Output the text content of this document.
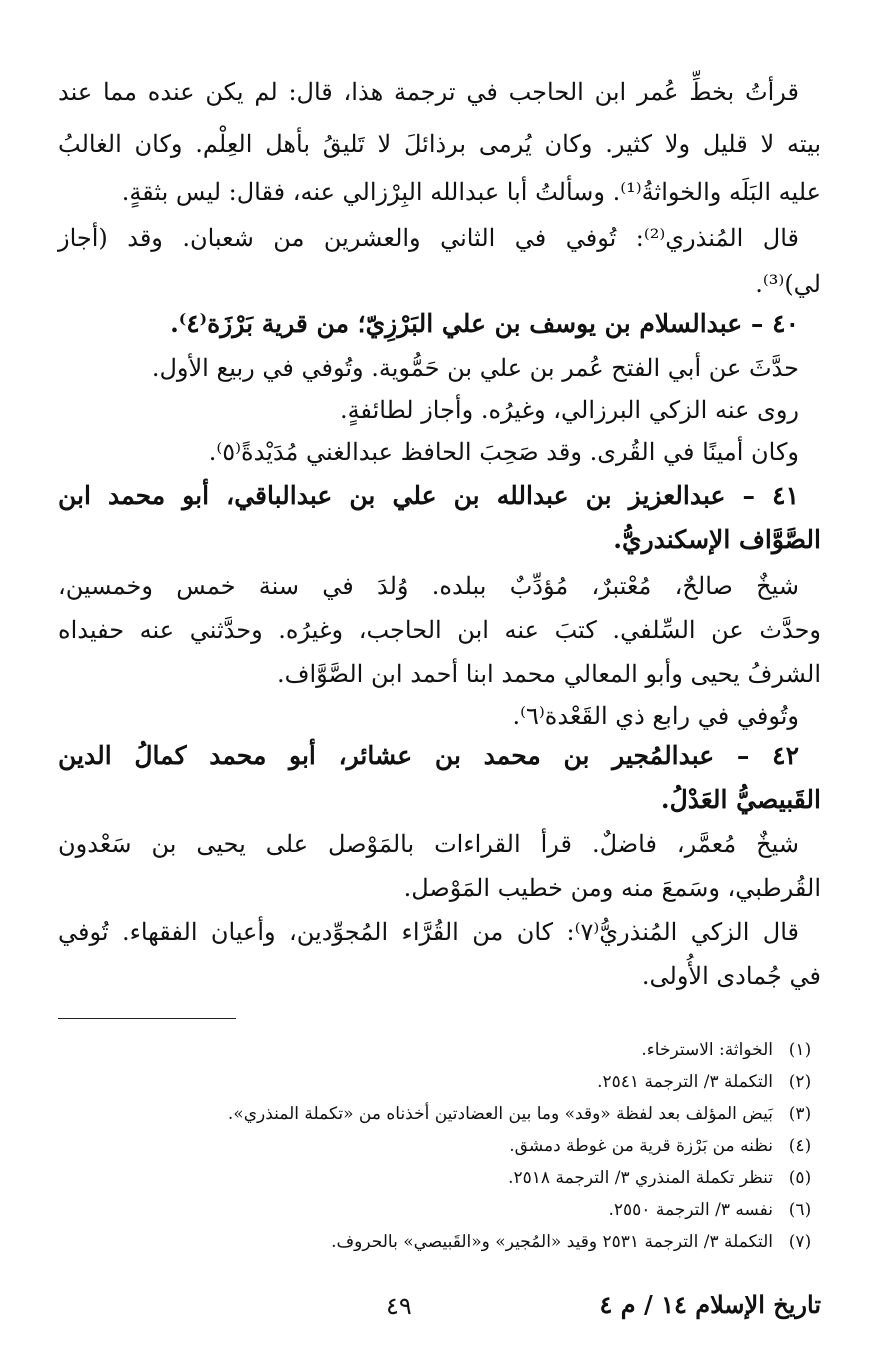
قرأتُ بخطِّ عُمر ابن الحاجب في ترجمة هذا، قال: لم يكن عنده مما عند
بيته لا قليل ولا كثير. وكان يُرمى برذائلَ لا تَليقُ بأهل العِلْم. وكان الغالبُ
عليه البَلَه والخواثةُ⁽¹⁾. وسألتُ أبا عبدالله البِرْزالي عنه، فقال: ليس بثقةٍ.
قال المُنذري⁽²⁾: تُوفي في الثاني والعشرين من شعبان. وقد (أجاز
لي)⁽³⁾.
٤٠ – عبدالسلام بن يوسف بن علي البَرْزِيّ؛ من قرية بَرْزَة⁽٤⁾.
حدَّثَ عن أبي الفتح عُمر بن علي بن حَمُّوية. وتُوفي في ربيع الأول.
روى عنه الزكي البرزالي، وغيرُه. وأجاز لطائفةٍ.
وكان أمينًا في القُرى. وقد صَحِبَ الحافظ عبدالغني مُدَيْدةً⁽٥⁾.
٤١ – عبدالعزيز بن عبدالله بن علي بن عبدالباقي، أبو محمد ابن
الصَّوَّاف الإسكندريُّ.
شيخٌ صالحٌ، مُعْتبرٌ، مُؤدِّبٌ ببلده. وُلدَ في سنة خمس وخمسين،
وحدَّث عن السِّلفي. كتبَ عنه ابن الحاجب، وغيرُه. وحدَّثني عنه حفيداه
الشرفُ يحيى وأبو المعالي محمد ابنا أحمد ابن الصَّوَّاف.
وتُوفي في رابع ذي القَعْدة⁽٦⁾.
٤٢ – عبدالمُجير بن محمد بن عشائر، أبو محمد كمالُ الدين
القَبيصيُّ العَدْلُ.
شيخٌ مُعمَّر، فاضلٌ. قرأ القراءات بالمَوْصل على يحيى بن سَعْدون
القُرطبي، وسَمعَ منه ومن خطيب المَوْصل.
قال الزكي المُنذريُّ⁽٧⁾: كان من القُرَّاء المُجوِّدين، وأعيان الفقهاء. تُوفي
في جُمادى الأُولى.
(١)
الخواثة: الاسترخاء.
(٢)
التكملة ٣/ الترجمة ٢٥٤١.
(٣)
بَيض المؤلف بعد لفظة «وقد» وما بين العضادتين أخذناه من «تكملة المنذري».
(٤)
نظنه من بَرْزة قرية من غوطة دمشق.
(٥)
تنظر تكملة المنذري ٣/ الترجمة ٢٥١٨.
(٦)
نفسه ٣/ الترجمة ٢٥٥٠.
(٧)
التكملة ٣/ الترجمة ٢٥٣١ وقيد «المُجير» و«القَبيصي» بالحروف.
تاريخ الإسلام ١٤ / م ٤
٤٩
